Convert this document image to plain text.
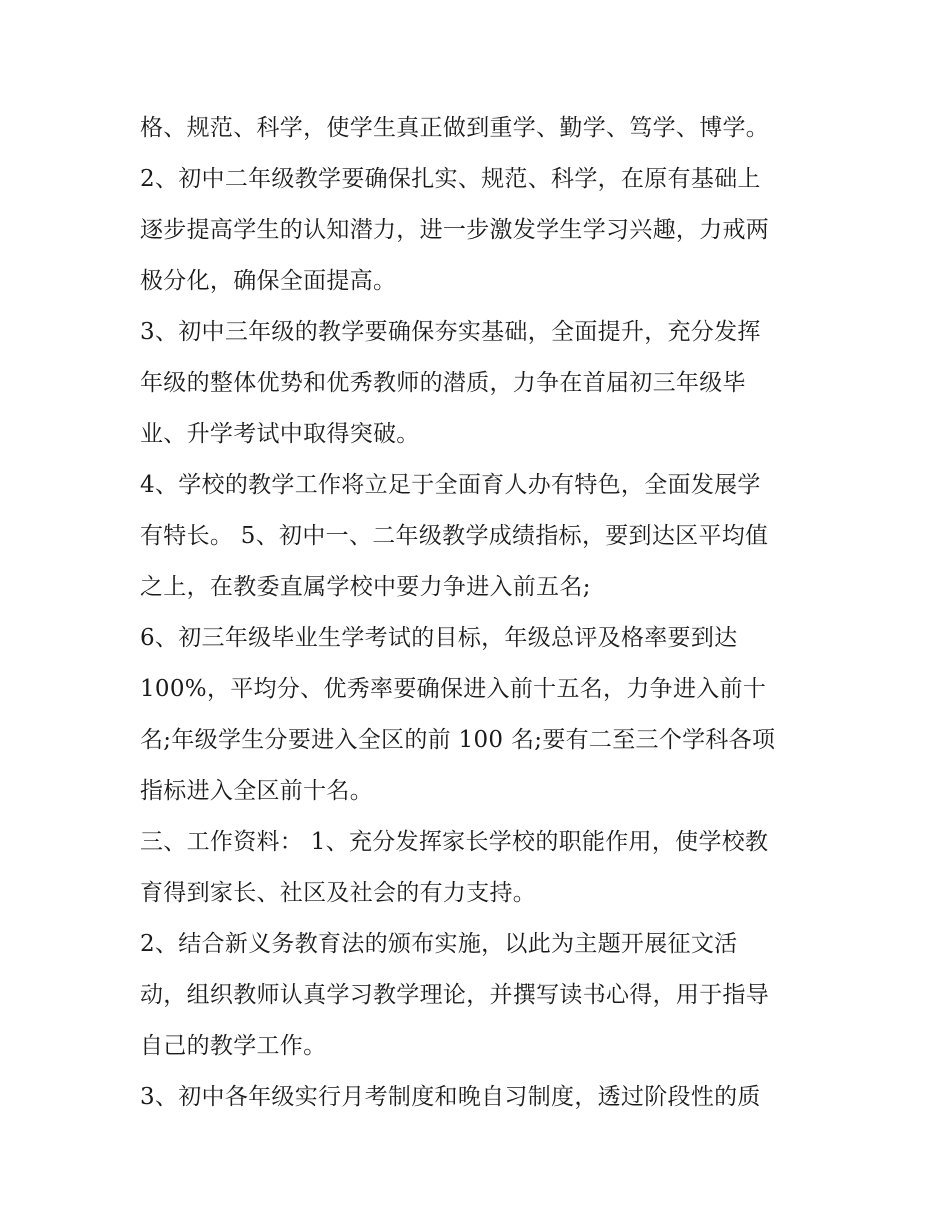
格、规范、科学，使学生真正做到重学、勤学、笃学、博学。
2、初中二年级教学要确保扎实、规范、科学，在原有基础上
逐步提高学生的认知潜力，进一步激发学生学习兴趣，力戒两
极分化，确保全面提高。
3、初中三年级的教学要确保夯实基础，全面提升，充分发挥
年级的整体优势和优秀教师的潜质，力争在首届初三年级毕
业、升学考试中取得突破。
4、学校的教学工作将立足于全面育人办有特色，全面发展学
有特长。 5、初中一、二年级教学成绩指标，要到达区平均值
之上，在教委直属学校中要力争进入前五名;
6、初三年级毕业生学考试的目标，年级总评及格率要到达
100%，平均分、优秀率要确保进入前十五名，力争进入前十
名;年级学生分要进入全区的前 100 名;要有二至三个学科各项
指标进入全区前十名。
三、工作资料： 1、充分发挥家长学校的职能作用，使学校教
育得到家长、社区及社会的有力支持。
2、结合新义务教育法的颁布实施，以此为主题开展征文活
动，组织教师认真学习教学理论，并撰写读书心得，用于指导
自己的教学工作。
3、初中各年级实行月考制度和晚自习制度，透过阶段性的质
